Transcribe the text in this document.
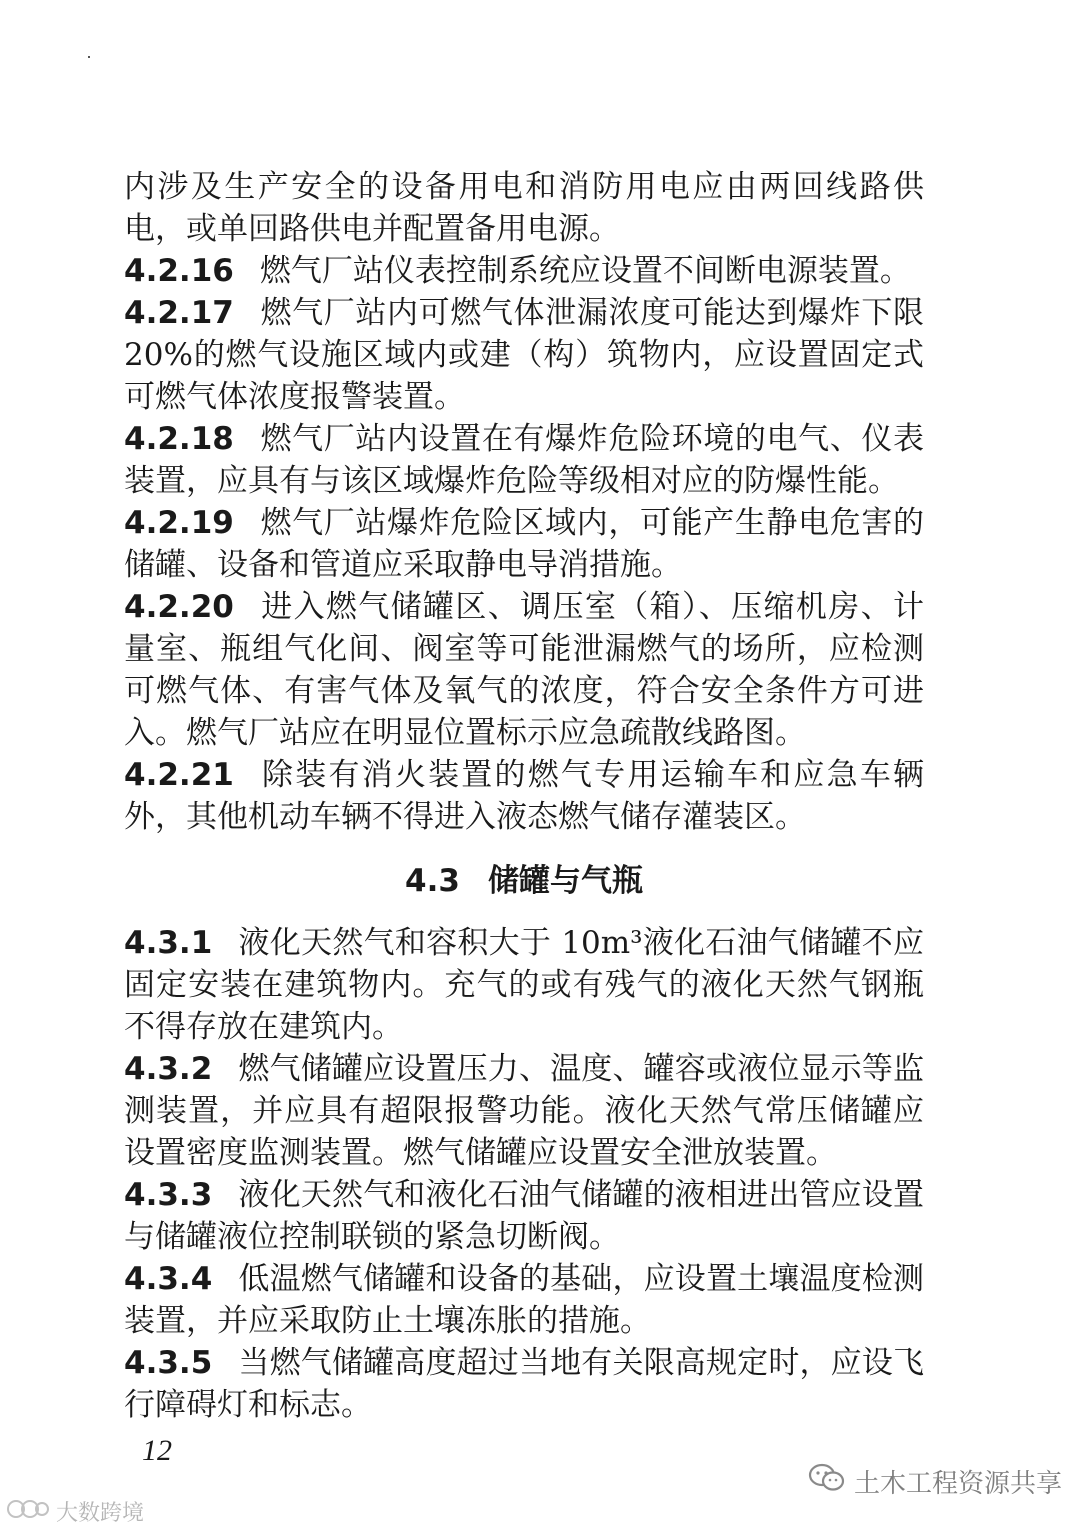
内涉及生产安全的设备用电和消防用电应由两回线路供电，或单回路供电并配置备用电源。

4.2.16 燃气厂站仪表控制系统应设置不间断电源装置。

4.2.17 燃气厂站内可燃气体泄漏浓度可能达到爆炸下限 20%的燃气设施区域内或建（构）筑物内，应设置固定式可燃气体浓度报警装置。

4.2.18 燃气厂站内设置在有爆炸危险环境的电气、仪表装置，应具有与该区域爆炸危险等级相对应的防爆性能。

4.2.19 燃气厂站爆炸危险区域内，可能产生静电危害的储罐、设备和管道应采取静电导消措施。

4.2.20 进入燃气储罐区、调压室（箱）、压缩机房、计量室、瓶组气化间、阀室等可能泄漏燃气的场所，应检测可燃气体、有害气体及氧气的浓度，符合安全条件方可进入。燃气厂站应在明显位置标示应急疏散线路图。

4.2.21 除装有消火装置的燃气专用运输车和应急车辆外，其他机动车辆不得进入液态燃气储存灌装区。

4.3 储罐与气瓶

4.3.1 液化天然气和容积大于 10m³液化石油气储罐不应固定安装在建筑物内。充气的或有残气的液化天然气钢瓶不得存放在建筑内。

4.3.2 燃气储罐应设置压力、温度、罐容或液位显示等监测装置，并应具有超限报警功能。液化天然气常压储罐应设置密度监测装置。燃气储罐应设置安全泄放装置。

4.3.3 液化天然气和液化石油气储罐的液相进出管应设置与储罐液位控制联锁的紧急切断阀。

4.3.4 低温燃气储罐和设备的基础，应设置土壤温度检测装置，并应采取防止土壤冻胀的措施。

4.3.5 当燃气储罐高度超过当地有关限高规定时，应设飞行障碍灯和标志。

12
土木工程资源共享
大数跨境
